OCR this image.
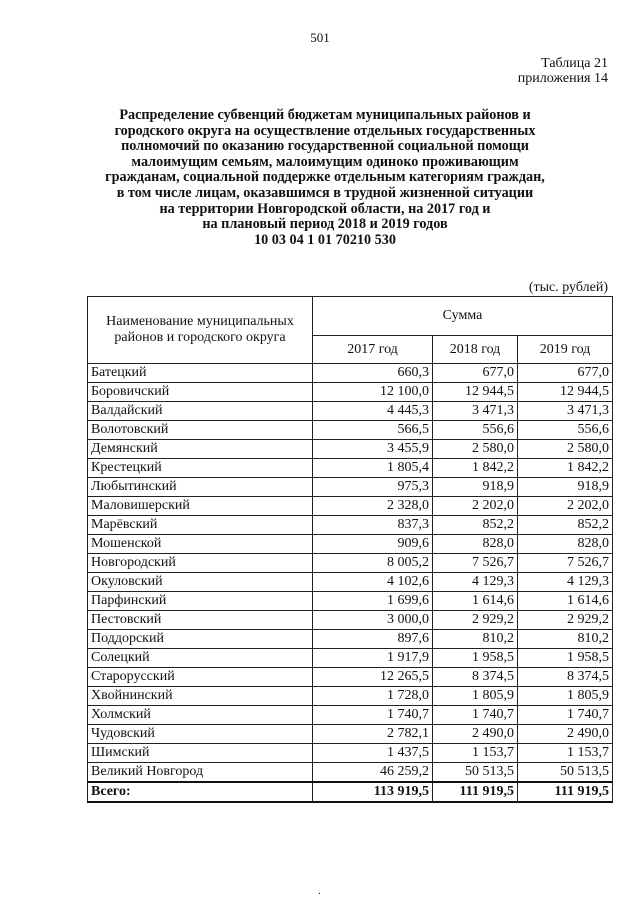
501
Таблица 21
приложения 14
Распределение субвенций бюджетам муниципальных районов и
городского округа на осуществление отдельных государственных
полномочий по оказанию государственной социальной помощи
малоимущим семьям, малоимущим одиноко проживающим
гражданам, социальной поддержке отдельным категориям граждан,
в том числе лицам, оказавшимся в трудной жизненной ситуации
на территории Новгородской области, на 2017 год и
на плановый период 2018 и 2019 годов
10 03 04 1 01 70210 530
(тыс. рублей)
Наименование муниципальных районов и городского округа	Сумма		
	2017 год	2018 год	2019 год
Батецкий	660,3	677,0	677,0
Боровичский	12 100,0	12 944,5	12 944,5
Валдайский	4 445,3	3 471,3	3 471,3
Волотовский	566,5	556,6	556,6
Демянский	3 455,9	2 580,0	2 580,0
Крестецкий	1 805,4	1 842,2	1 842,2
Любытинский	975,3	918,9	918,9
Маловишерский	2 328,0	2 202,0	2 202,0
Марёвский	837,3	852,2	852,2
Мошенской	909,6	828,0	828,0
Новгородский	8 005,2	7 526,7	7 526,7
Окуловский	4 102,6	4 129,3	4 129,3
Парфинский	1 699,6	1 614,6	1 614,6
Пестовский	3 000,0	2 929,2	2 929,2
Поддорский	897,6	810,2	810,2
Солецкий	1 917,9	1 958,5	1 958,5
Старорусский	12 265,5	8 374,5	8 374,5
Хвойнинский	1 728,0	1 805,9	1 805,9
Холмский	1 740,7	1 740,7	1 740,7
Чудовский	2 782,1	2 490,0	2 490,0
Шимский	1 437,5	1 153,7	1 153,7
Великий Новгород	46 259,2	50 513,5	50 513,5
Всего:	113 919,5	111 919,5	111 919,5
.
